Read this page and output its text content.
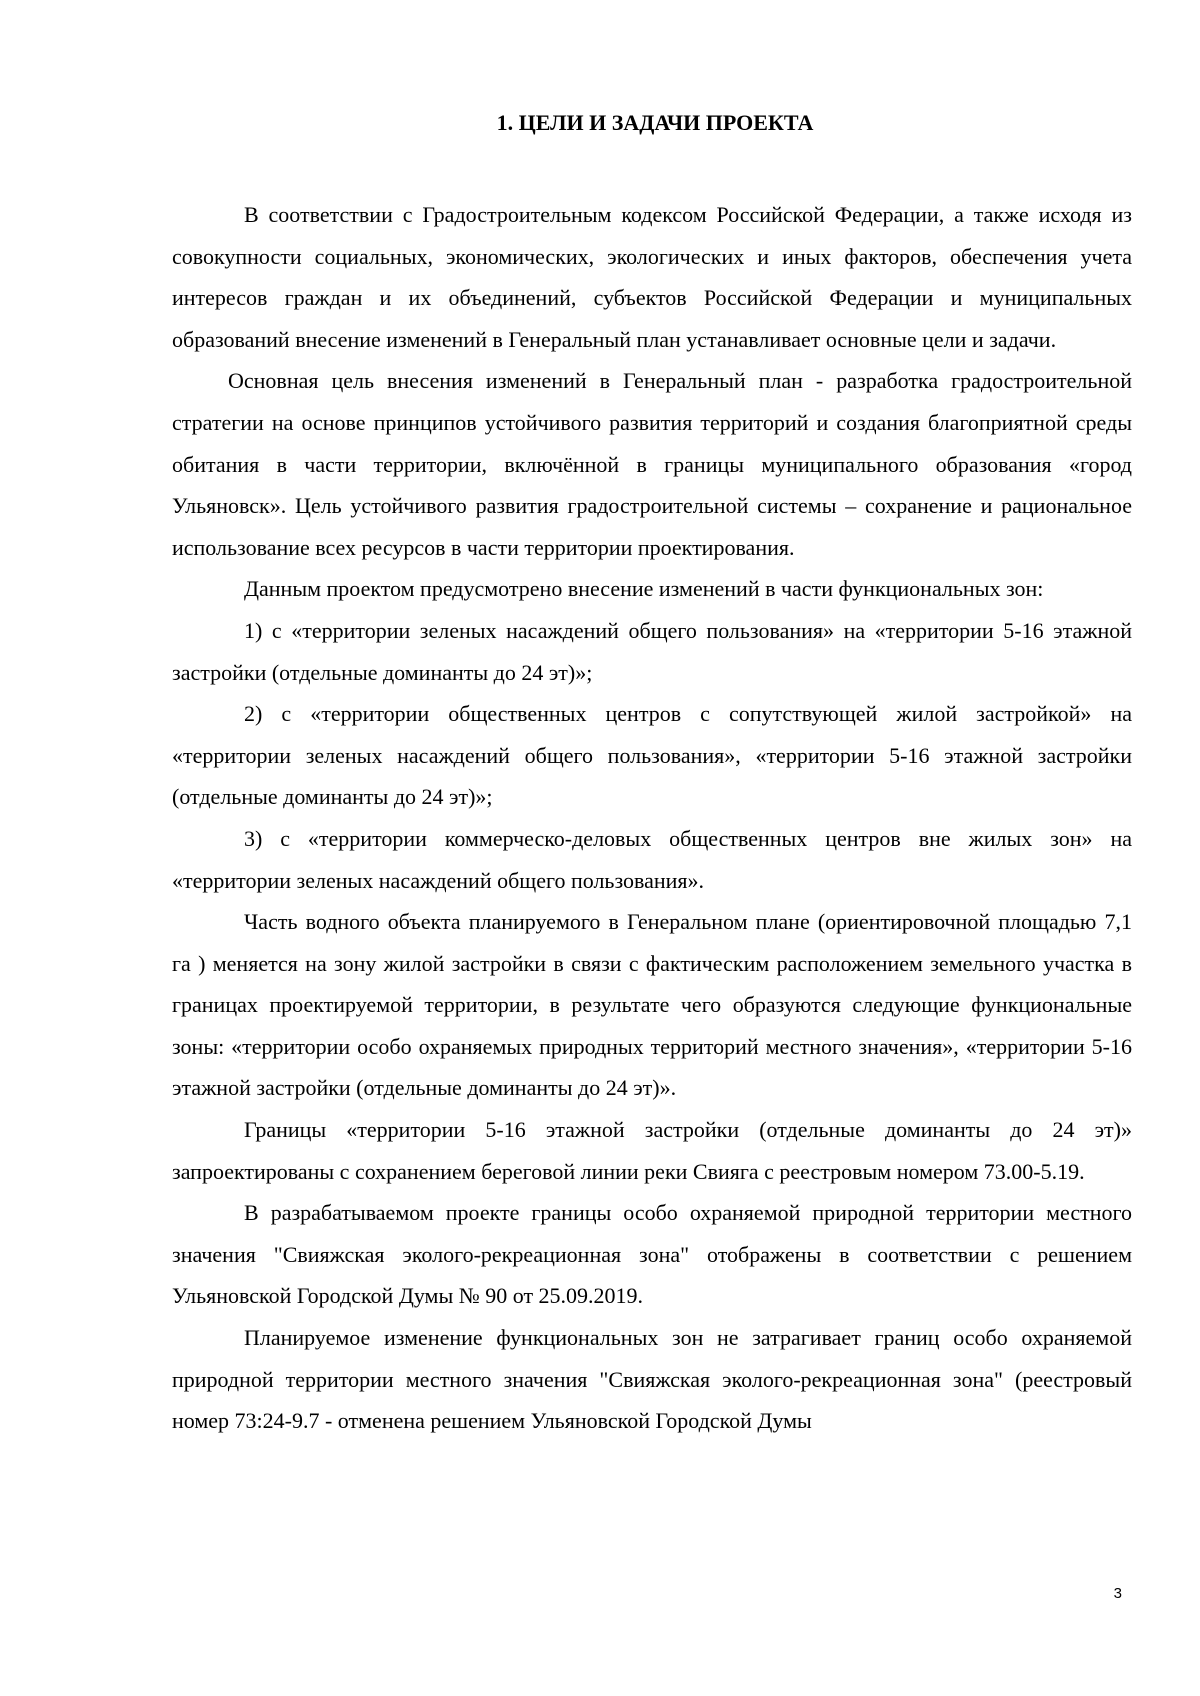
1. ЦЕЛИ И ЗАДАЧИ ПРОЕКТА

В соответствии с Градостроительным кодексом Российской Федерации, а также исходя из совокупности социальных, экономических, экологических и иных факторов, обеспечения учета интересов граждан и их объединений, субъектов Российской Федерации и муниципальных образований внесение изменений в Генеральный план устанавливает основные цели и задачи.

Основная цель внесения изменений в Генеральный план - разработка градостроительной стратегии на основе принципов устойчивого развития территорий и создания благоприятной среды обитания в части территории, включённой в границы муниципального образования «город Ульяновск». Цель устойчивого развития градостроительной системы – сохранение и рациональное использование всех ресурсов в части территории проектирования.

Данным проектом предусмотрено внесение изменений в части функциональных зон:

1) с «территории зеленых насаждений общего пользования» на «территории 5-16 этажной застройки (отдельные доминанты до 24 эт)»;

2) с «территории общественных центров с сопутствующей жилой застройкой» на «территории зеленых насаждений общего пользования», «территории 5-16 этажной застройки (отдельные доминанты до 24 эт)»;

3) с «территории коммерческо-деловых общественных центров вне жилых зон» на «территории зеленых насаждений общего пользования».

Часть водного объекта планируемого в Генеральном плане (ориентировочной площадью 7,1 га ) меняется на зону жилой застройки в связи с фактическим расположением земельного участка в границах проектируемой территории, в результате чего образуются следующие функциональные зоны: «территории особо охраняемых природных территорий местного значения», «территории 5-16 этажной застройки (отдельные доминанты до 24 эт)».

Границы «территории 5-16 этажной застройки (отдельные доминанты до 24 эт)» запроектированы с сохранением береговой линии реки Свияга с реестровым номером 73.00-5.19.

В разрабатываемом проекте границы особо охраняемой природной территории местного значения "Свияжская эколого-рекреационная зона" отображены в соответствии с решением Ульяновской Городской Думы № 90 от 25.09.2019.

Планируемое изменение функциональных зон не затрагивает границ особо охраняемой природной территории местного значения "Свияжская эколого-рекреационная зона" (реестровый номер 73:24-9.7 - отменена решением Ульяновской Городской Думы

3
